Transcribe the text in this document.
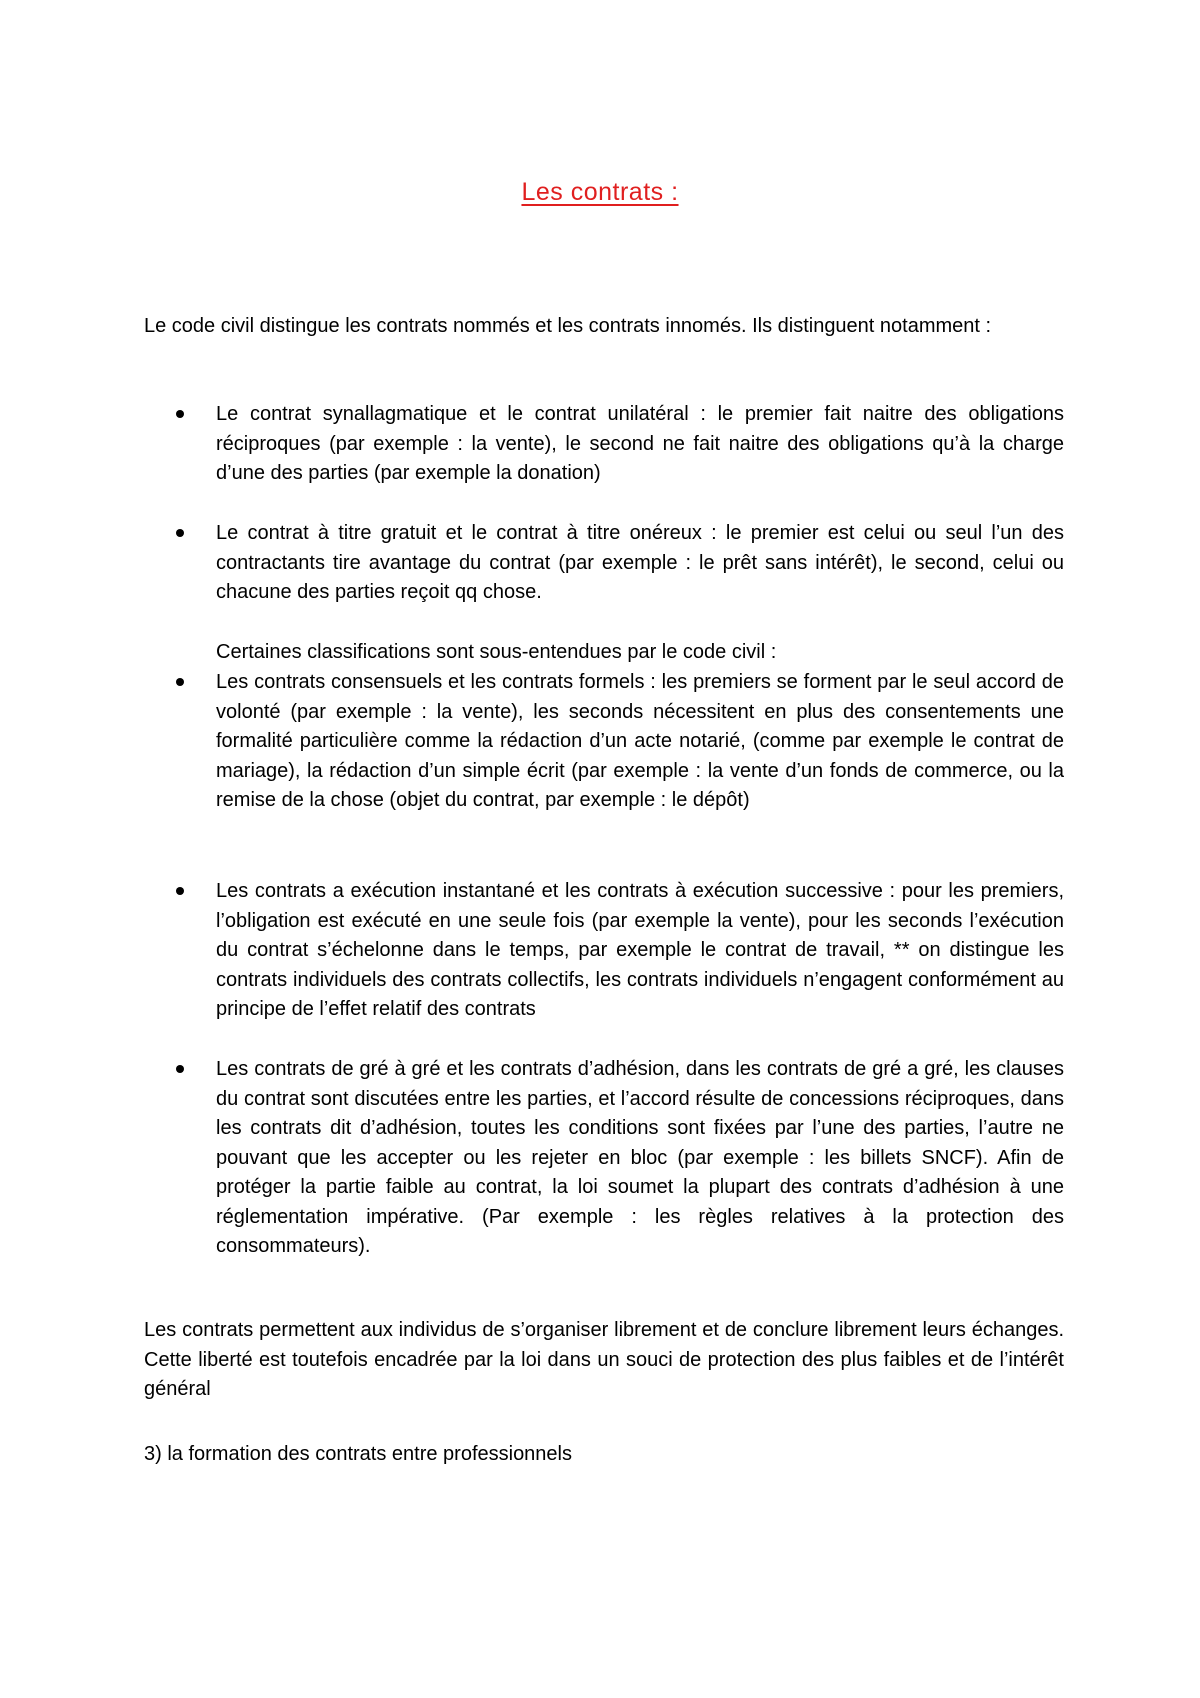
Les contrats :

Le code civil distingue les contrats nommés et les contrats innomés. Ils distinguent notamment :

Le contrat synallagmatique et le contrat unilatéral : le premier fait naitre des obligations réciproques (par exemple : la vente), le second ne fait naitre des obligations qu’à la charge d’une des parties (par exemple la donation)
Le contrat à titre gratuit et le contrat à titre onéreux : le premier est celui ou seul l’un des contractants tire avantage du contrat (par exemple : le prêt sans intérêt), le second, celui ou chacune des parties reçoit qq chose.
Certaines classifications sont sous-entendues par le code civil :
Les contrats consensuels et les contrats formels : les premiers se forment par le seul accord de volonté (par exemple : la vente), les seconds nécessitent en plus des consentements une formalité particulière comme la rédaction d’un acte notarié, (comme par exemple le contrat de mariage), la rédaction d’un simple écrit (par exemple : la vente d’un fonds de commerce, ou la remise de la chose (objet du contrat, par exemple : le dépôt)
Les contrats a exécution instantané et les contrats à exécution successive : pour les premiers, l’obligation est exécuté en une seule fois (par exemple la vente), pour les seconds l’exécution du contrat s’échelonne dans le temps, par exemple le contrat de travail, ** on distingue les contrats individuels des contrats collectifs, les contrats individuels n’engagent conformément au principe de l’effet relatif des contrats
Les contrats de gré à gré et les contrats d’adhésion, dans les contrats de gré a gré, les clauses du contrat sont discutées entre les parties, et l’accord résulte de concessions réciproques, dans les contrats dit d’adhésion, toutes les conditions sont fixées par l’une des parties, l’autre ne pouvant que les accepter ou les rejeter en bloc (par exemple : les billets SNCF). Afin de protéger la partie faible au contrat, la loi soumet la plupart des contrats d’adhésion à une réglementation impérative. (Par exemple : les règles relatives à la protection des consommateurs).

Les contrats permettent aux individus de s’organiser librement et de conclure librement leurs échanges. Cette liberté est toutefois encadrée par la loi dans un souci de protection des plus faibles et de l’intérêt général

3) la formation des contrats entre professionnels
